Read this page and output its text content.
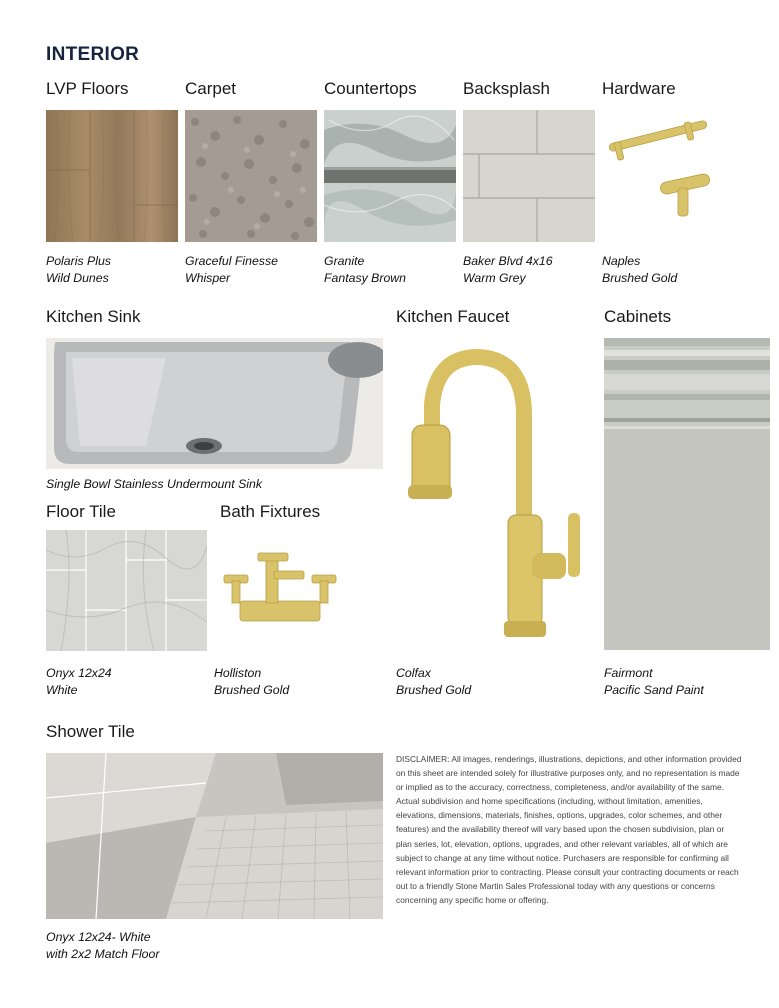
INTERIOR
LVP Floors	Carpet	Countertops	Backsplash	Hardware
Polaris Plus
Wild Dunes
Graceful Finesse
Whisper
Granite
Fantasy Brown
Baker Blvd 4x16
Warm Grey
Naples
Brushed Gold
Kitchen Sink	Kitchen Faucet	Cabinets
Single Bowl Stainless Undermount Sink
Colfax
Brushed Gold
Fairmont
Pacific Sand Paint
Floor Tile	Bath Fixtures
Onyx 12x24
White
Holliston
Brushed Gold
Shower Tile
Onyx 12x24- White
with 2x2 Match Floor
DISCLAIMER: All images, renderings, illustrations, depictions, and other information provided on this sheet are intended solely for illustrative purposes only, and no representation is made or implied as to the accuracy, correctness, completeness, and/or availability of the same. Actual subdivision and home specifications (including, without limitation, amenities, elevations, dimensions, materials, finishes, options, upgrades, color schemes, and other features) and the availability thereof will vary based upon the chosen subdivision, plan or plan series, lot, elevation, options, upgrades, and other relevant variables, all of which are subject to change at any time without notice. Purchasers are responsible for confirming all relevant information prior to contracting. Please consult your contracting documents or reach out to a friendly Stone Martin Sales Professional today with any questions or concerns concerning any specific home or offering.
